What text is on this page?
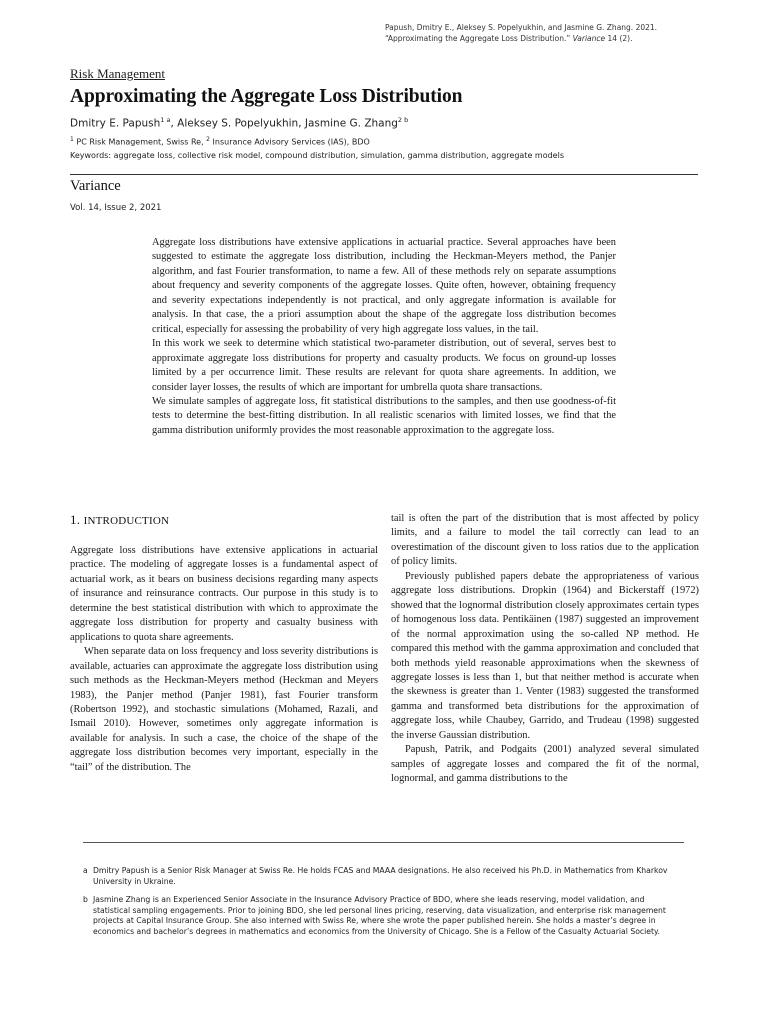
Papush, Dmitry E., Aleksey S. Popelyukhin, and Jasmine G. Zhang. 2021. “Approximating the Aggregate Loss Distribution.” Variance 14 (2).
Risk Management
Approximating the Aggregate Loss Distribution
Dmitry E. Papush$^{1 a}$, Aleksey S. Popelyukhin, Jasmine G. Zhang$^{2 b}$
$^1$ PC Risk Management, Swiss Re, $^2$ Insurance Advisory Services (IAS), BDO
Keywords: aggregate loss, collective risk model, compound distribution, simulation, gamma distribution, aggregate models
Variance
Vol. 14, Issue 2, 2021

Aggregate loss distributions have extensive applications in actuarial practice. Several approaches have been suggested to estimate the aggregate loss distribution, including the Heckman-Meyers method, the Panjer algorithm, and fast Fourier transformation, to name a few. All of these methods rely on separate assumptions about frequency and severity components of the aggregate losses. Quite often, however, obtaining frequency and severity expectations independently is not practical, and only aggregate information is available for analysis. In that case, the a priori assumption about the shape of the aggregate loss distribution becomes critical, especially for assessing the probability of very high aggregate loss values, in the tail.

In this work we seek to determine which statistical two-parameter distribution, out of several, serves best to approximate aggregate loss distributions for property and casualty products. We focus on ground-up losses limited by a per occurrence limit. These results are relevant for quota share agreements. In addition, we consider layer losses, the results of which are important for umbrella quota share transactions.

We simulate samples of aggregate loss, fit statistical distributions to the samples, and then use goodness-of-fit tests to determine the best-fitting distribution. In all realistic scenarios with limited losses, we find that the gamma distribution uniformly provides the most reasonable approximation to the aggregate loss.

1. INTRODUCTION

Aggregate loss distributions have extensive applications in actuarial practice. The modeling of aggregate losses is a fundamental aspect of actuarial work, as it bears on business decisions regarding many aspects of insurance and reinsurance contracts. Our purpose in this study is to determine the best statistical distribution with which to approximate the aggregate loss distribution for property and casualty business with applications to quota share agreements.

When separate data on loss frequency and loss severity distributions is available, actuaries can approximate the aggregate loss distribution using such methods as the Heckman-Meyers method (Heckman and Meyers 1983), the Panjer method (Panjer 1981), fast Fourier transform (Robertson 1992), and stochastic simulations (Mohamed, Razali, and Ismail 2010). However, sometimes only aggregate information is available for analysis. In such a case, the choice of the shape of the aggregate loss distribution becomes very important, especially in the “tail” of the distribution. The

tail is often the part of the distribution that is most affected by policy limits, and a failure to model the tail correctly can lead to an overestimation of the discount given to loss ratios due to the application of policy limits.

Previously published papers debate the appropriateness of various aggregate loss distributions. Dropkin (1964) and Bickerstaff (1972) showed that the lognormal distribution closely approximates certain types of homogenous loss data. Pentikäinen (1987) suggested an improvement of the normal approximation using the so-called NP method. He compared this method with the gamma approximation and concluded that both methods yield reasonable approximations when the skewness of aggregate losses is less than 1, but that neither method is accurate when the skewness is greater than 1. Venter (1983) suggested the transformed gamma and transformed beta distributions for the approximation of aggregate loss, while Chaubey, Garrido, and Trudeau (1998) suggested the inverse Gaussian distribution.

Papush, Patrik, and Podgaits (2001) analyzed several simulated samples of aggregate losses and compared the fit of the normal, lognormal, and gamma distributions to the

a Dmitry Papush is a Senior Risk Manager at Swiss Re. He holds FCAS and MAAA designations. He also received his Ph.D. in Mathematics from Kharkov University in Ukraine.
b Jasmine Zhang is an Experienced Senior Associate in the Insurance Advisory Practice of BDO, where she leads reserving, model validation, and statistical sampling engagements. Prior to joining BDO, she led personal lines pricing, reserving, data visualization, and enterprise risk management projects at Capital Insurance Group. She also interned with Swiss Re, where she wrote the paper published herein. She holds a master’s degree in economics and bachelor’s degrees in mathematics and economics from the University of Chicago. She is a Fellow of the Casualty Actuarial Society.
